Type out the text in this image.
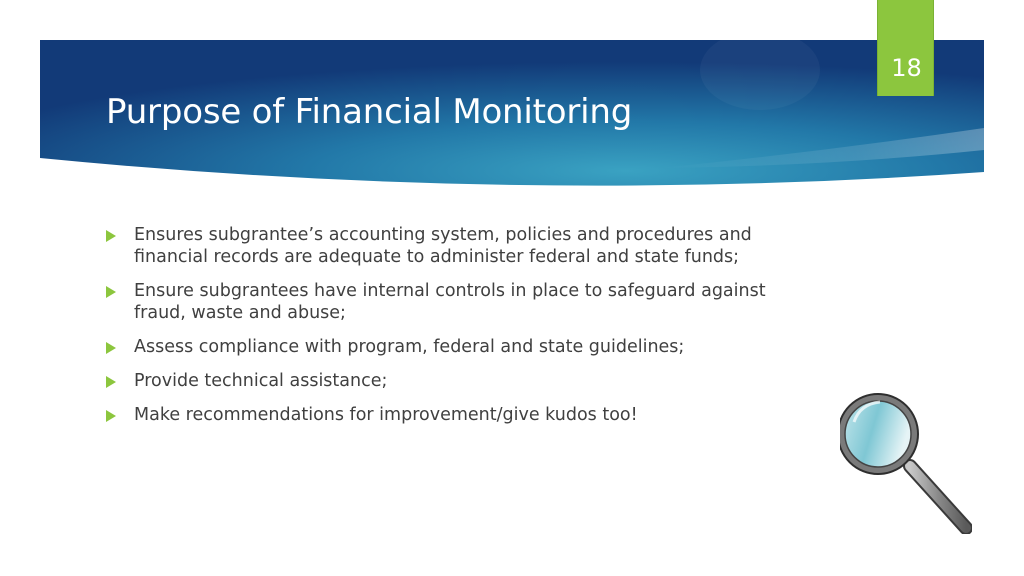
18
Purpose of Financial Monitoring
Ensures subgrantee’s accounting system, policies and procedures and financial records are adequate to administer federal and state funds;
Ensure subgrantees have internal controls in place to safeguard against fraud, waste and abuse;
Assess compliance with program, federal and state guidelines;
Provide technical assistance;
Make recommendations for improvement/give kudos too!
